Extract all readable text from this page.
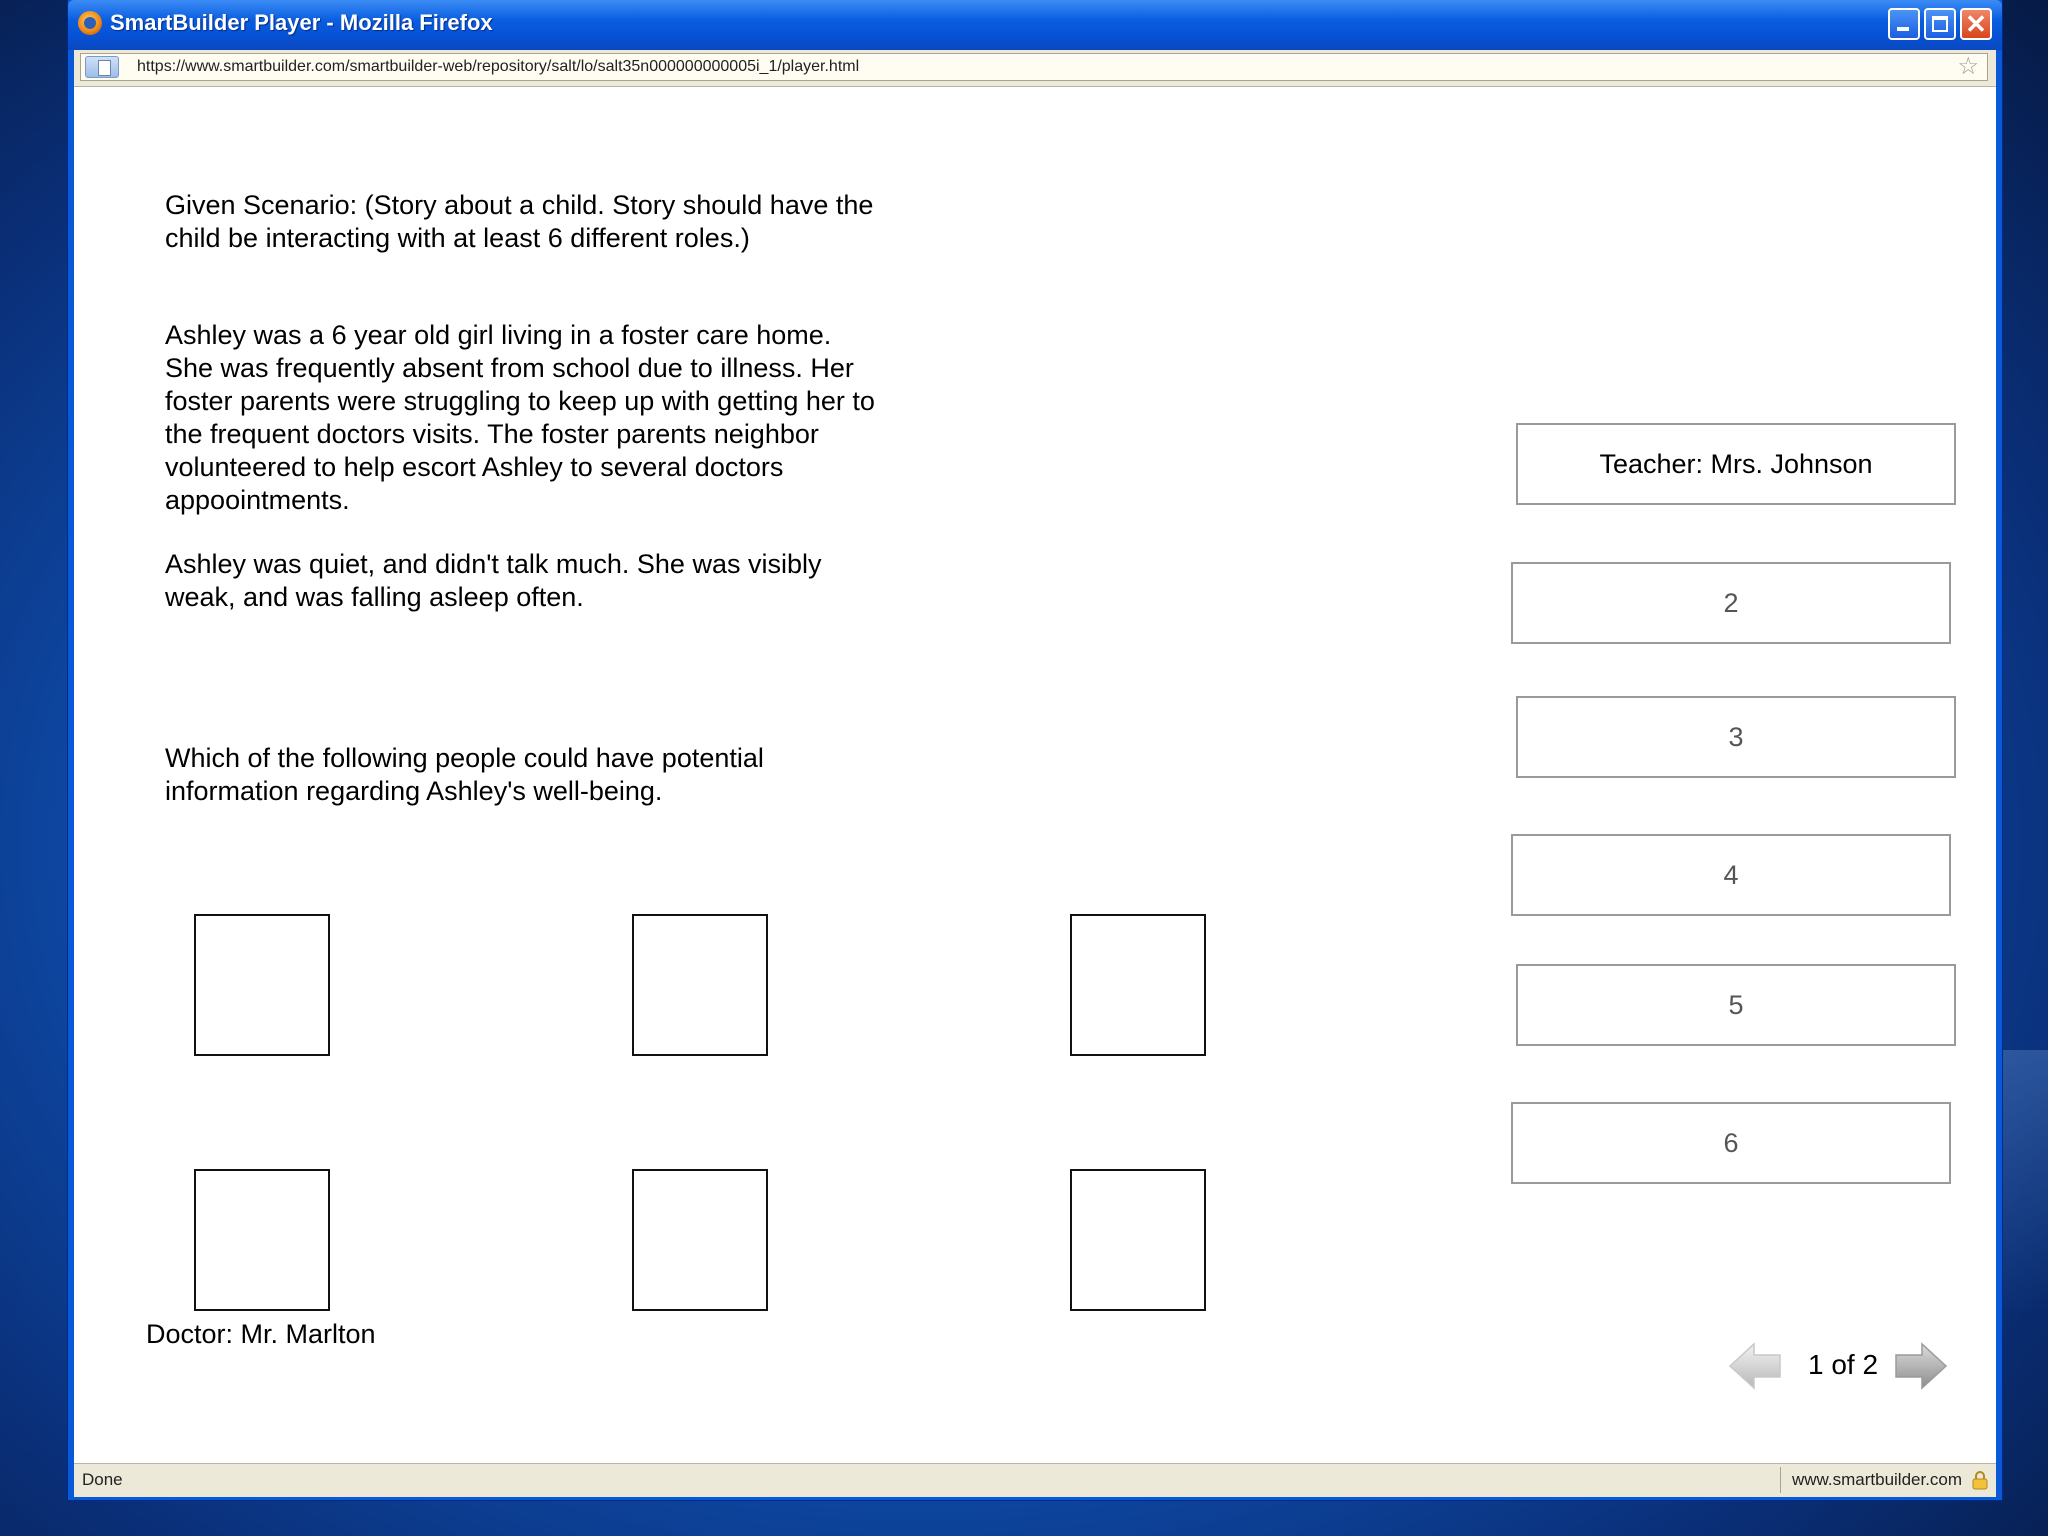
SmartBuilder Player - Mozilla Firefox	✕
https://www.smartbuilder.com/smartbuilder-web/repository/salt/lo/salt35n000000000005i_1/player.html	☆
Given Scenario: (Story about a child. Story should have the child be interacting with at least 6 different roles.)
Ashley was a 6 year old girl living in a foster care home. She was frequently absent from school due to illness. Her foster parents were struggling to keep up with getting her to the frequent doctors visits. The foster parents neighbor volunteered to help escort Ashley to several doctors appoointments.
Ashley was quiet, and didn't talk much. She was visibly weak, and was falling asleep often.
Which of the following people could have potential information regarding Ashley's well-being.
Doctor: Mr. Marlton
Teacher: Mrs. Johnson
2
3
4
5
6
1 of 2
Done	www.smartbuilder.com
